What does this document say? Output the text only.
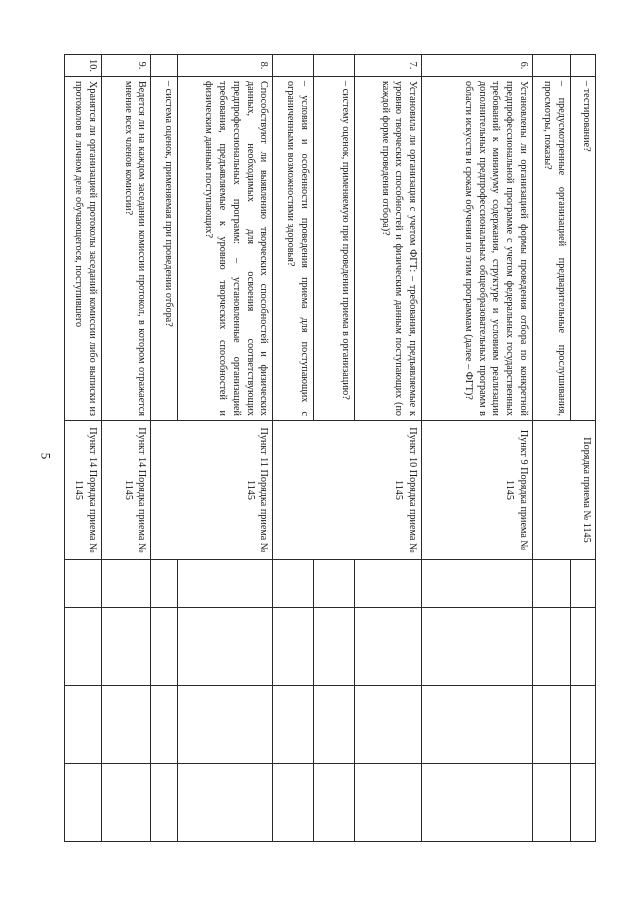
5
	– тестирование?	Порядка приема № 1145				
	– предусмотренные организацией предварительные прослушивания, просмотры, показы?					
6.	Установлены ли организацией формы проведения отбора по конкретной предпрофессиональной программе с учетом федеральных государственных требований к минимуму содержания, структуре и условиям реализации дополнительных предпрофессиональных общеобразовательных программ в области искусств и срокам обучения по этим программам (далее – ФГТ)?	Пункт 9 Порядка приема № 1145				
7.	Установила ли организация с учетом ФГТ: – требования, предъявляемые к уровню творческих способностей и физическим данным поступающих (по каждой форме проведения отбора)?	Пункт 10 Порядка приема № 1145				
	– систему оценок, применяемую при проведении приема в организацию?					
	– условия и особенности проведения приема для поступающих с ограниченными возможностями здоровья?					
8.	Способствуют ли выявлению творческих способностей и физических данных, необходимых для освоения соответствующих предпрофессиональных программ: – установленные организацией требования, предъявляемые к уровню творческих способностей и физическим данным поступающих?	Пункт 11 Порядка приема № 1145				
	– система оценок, применяемая при проведении отбора?					
9.	Ведется ли на каждом заседании комиссии протокол, в котором отражается мнение всех членов комиссии?	Пункт 14 Порядка приема № 1145				
10.	Хранятся ли организацией протоколы заседаний комиссии либо выписки из протоколов в личном деле обучающегося, поступившего	Пункт 14 Порядка приема № 1145				
